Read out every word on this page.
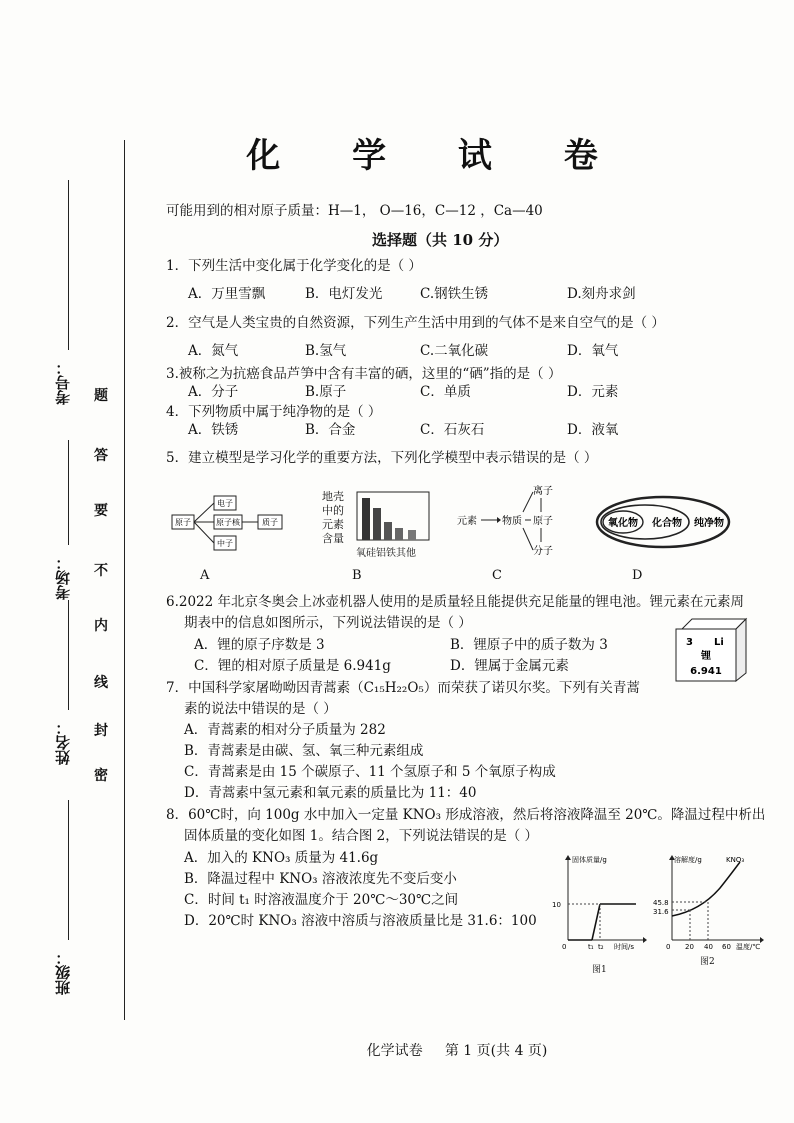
考号：
考场：
姓名：
班级：
题
答
要
不
内
线
封
密
化 学 试 卷
可能用到的相对原子质量：H—1， O—16，C—12 ，Ca—40
选择题（共 10 分）
1．下列生活中变化属于化学变化的是（ ）
A．万里雪飘	B．电灯发光	C.钢铁生锈	D.刻舟求剑
2．空气是人类宝贵的自然资源，下列生产生活中用到的气体不是来自空气的是（ ）
A．氮气	B.氢气	C.二氧化碳	D．氧气
3.被称之为抗癌食品芦笋中含有丰富的硒，这里的“硒”指的是（ ）
A．分子	B.原子	C．单质	D．元素
4．下列物质中属于纯净物的是（ ）
A．铁锈	B．合金	C．石灰石	D．液氧
5．建立模型是学习化学的重要方法，下列化学模型中表示错误的是（ ）
原子
电子
原子核
中子
质子
A
地壳
中的
元素
含量
氧硅铝铁其他
B
元素	物质
离子
原子
分子
C
氧化物 化合物 纯净物
D
6.2022 年北京冬奥会上冰壶机器人使用的是质量轻且能提供充足能量的锂电池。锂元素在元素周
期表中的信息如图所示，下列说法错误的是（ ）
A．锂的原子序数是 3	B．锂原子中的质子数为 3
C．锂的相对原子质量是 6.941g	D．锂属于金属元素
3 Li
锂
6.941
7．中国科学家屠呦呦因青蒿素（C₁₅H₂₂O₅）而荣获了诺贝尔奖。下列有关青蒿
素的说法中错误的是（ ）
A．青蒿素的相对分子质量为 282
B．青蒿素是由碳、氢、氧三种元素组成
C．青蒿素是由 15 个碳原子、11 个氢原子和 5 个氧原子构成
D．青蒿素中氢元素和氧元素的质量比为 11：40
8．60℃时，向 100g 水中加入一定量 KNO₃ 形成溶液，然后将溶液降温至 20℃。降温过程中析出
固体质量的变化如图 1。结合图 2，下列说法错误的是（ ）
A．加入的 KNO₃ 质量为 41.6g
B．降温过程中 KNO₃ 溶液浓度先不变后变小
C．时间 t₁ 时溶液温度介于 20℃～30℃之间
D．20℃时 KNO₃ 溶液中溶质与溶液质量比是 31.6：100
固体质量/g
10
0	t₁ t₂ 时间/s
图1
溶解度/g	KNO₃
45.8
31.6
0 20 40 60 温度/℃
图2
化学试卷     第 1 页(共 4 页)
